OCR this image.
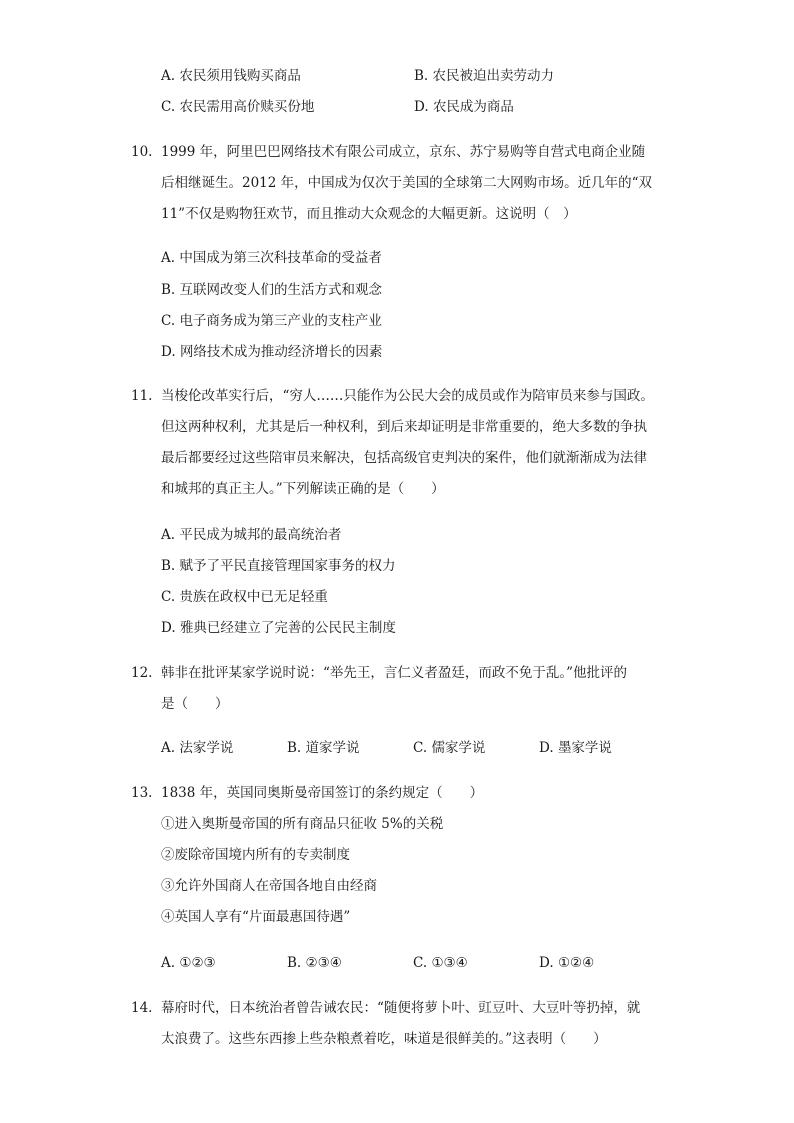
A. 农民须用钱购买商品	B. 农民被迫出卖劳动力
C. 农民需用高价赎买份地	D. 农民成为商品
10. 1999 年，阿里巴巴网络技术有限公司成立，京东、苏宁易购等自营式电商企业随
后相继诞生。2012 年，中国成为仅次于美国的全球第二大网购市场。近几年的“双
11”不仅是购物狂欢节，而且推动大众观念的大幅更新。这说明（　）
A. 中国成为第三次科技革命的受益者
B. 互联网改变人们的生活方式和观念
C. 电子商务成为第三产业的支柱产业
D. 网络技术成为推动经济增长的因素
11. 当梭伦改革实行后，“穷人……只能作为公民大会的成员或作为陪审员来参与国政。
但这两种权利，尤其是后一种权利，到后来却证明是非常重要的，绝大多数的争执
最后都要经过这些陪审员来解决，包括高级官吏判决的案件，他们就渐渐成为法律
和城邦的真正主人。”下列解读正确的是（　　）
A. 平民成为城邦的最高统治者
B. 赋予了平民直接管理国家事务的权力
C. 贵族在政权中已无足轻重
D. 雅典已经建立了完善的公民民主制度
12. 韩非在批评某家学说时说：“举先王，言仁义者盈廷，而政不免于乱。”他批评的
是（　　）
A. 法家学说	B. 道家学说	C. 儒家学说	D. 墨家学说
13. 1838 年，英国同奥斯曼帝国签订的条约规定（　　）
①进入奥斯曼帝国的所有商品只征收 5%的关税
②废除帝国境内所有的专卖制度
③允许外国商人在帝国各地自由经商
④英国人享有“片面最惠国待遇”
A. ①②③	B. ②③④	C. ①③④	D. ①②④
14. 幕府时代，日本统治者曾告诫农民：“随便将萝卜叶、豇豆叶、大豆叶等扔掉，就
太浪费了。这些东西掺上些杂粮煮着吃，味道是很鲜美的。”这表明（　　）
